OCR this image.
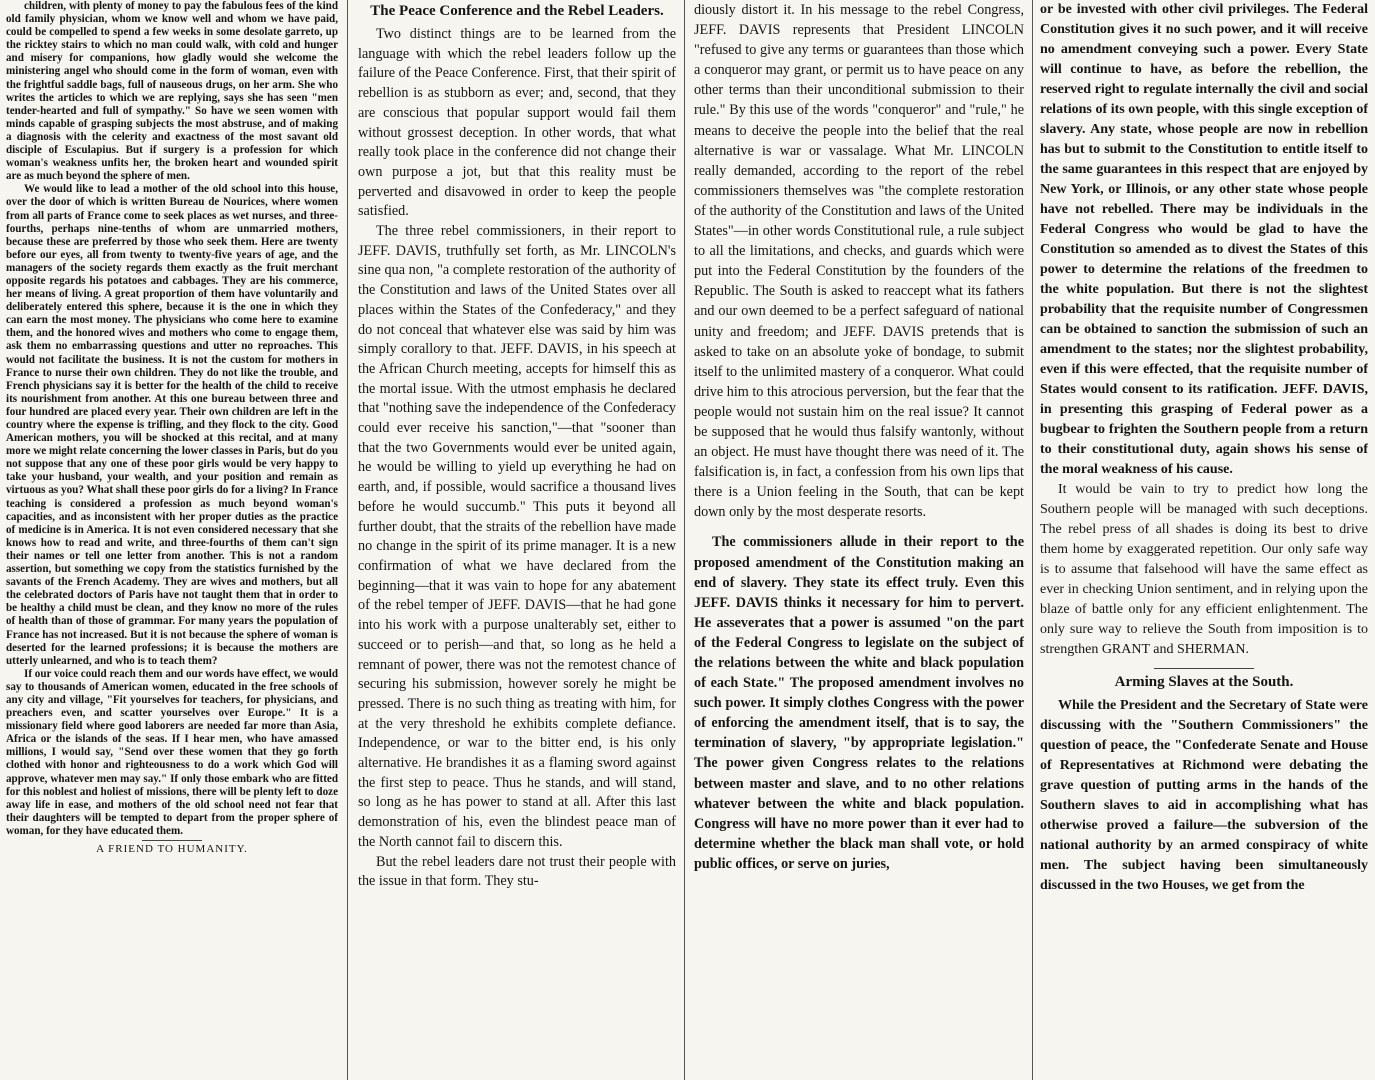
children, with plenty of money to pay the fabulous fees of the kind old family physician, whom we know well and whom we have paid, could be compelled to spend a few weeks in some desolate garreto, up the ricktey stairs to which no man could walk, with cold and hunger and misery for companions, how gladly would she welcome the ministering angel who should come in the form of woman, even with the frightful saddle bags, full of nauseous drugs, on her arm. She who writes the articles to which we are replying, says she has seen "men tender-hearted and full of sympathy." So have we seen women with minds capable of grasping subjects the most abstruse, and of making a diagnosis with the celerity and exactness of the most savant old disciple of Esculapius. But if surgery is a profession for which woman's weakness unfits her, the broken heart and wounded spirit are as much beyond the sphere of men.

We would like to lead a mother of the old school into this house, over the door of which is written Bureau de Nourices, where women from all parts of France come to seek places as wet nurses, and three-fourths, perhaps nine-tenths of whom are unmarried mothers, because these are preferred by those who seek them. Here are twenty before our eyes, all from twenty to twenty-five years of age, and the managers of the society regards them exactly as the fruit merchant opposite regards his potatoes and cabbages. They are his commerce, her means of living. A great proportion of them have voluntarily and deliberately entered this sphere, because it is the one in which they can earn the most money. The physicians who come here to examine them, and the honored wives and mothers who come to engage them, ask them no embarrassing questions and utter no reproaches. This would not facilitate the business. It is not the custom for mothers in France to nurse their own children. They do not like the trouble, and French physicians say it is better for the health of the child to receive its nourishment from another. At this one bureau between three and four hundred are placed every year. Their own children are left in the country where the expense is trifling, and they flock to the city. Good American mothers, you will be shocked at this recital, and at many more we might relate concerning the lower classes in Paris, but do you not suppose that any one of these poor girls would be very happy to take your husband, your wealth, and your position and remain as virtuous as you? What shall these poor girls do for a living? In France teaching is considered a profession as much beyond woman's capacities, and as inconsistent with her proper duties as the practice of medicine is in America. It is not even considered necessary that she knows how to read and write, and three-fourths of them can't sign their names or tell one letter from another. This is not a random assertion, but something we copy from the statistics furnished by the savants of the French Academy. They are wives and mothers, but all the celebrated doctors of Paris have not taught them that in order to be healthy a child must be clean, and they know no more of the rules of health than of those of grammar. For many years the population of France has not increased. But it is not because the sphere of woman is deserted for the learned professions; it is because the mothers are utterly unlearned, and who is to teach them?

If our voice could reach them and our words have effect, we would say to thousands of American women, educated in the free schools of any city and village, "Fit yourselves for teachers, for physicians, and preachers even, and scatter yourselves over Europe." It is a missionary field where good laborers are needed far more than Asia, Africa or the islands of the seas. If I hear men, who have amassed millions, I would say, "Send over these women that they go forth clothed with honor and righteousness to do a work which God will approve, whatever men may say." If only those embark who are fitted for this noblest and holiest of missions, there will be plenty left to doze away life in ease, and mothers of the old school need not fear that their daughters will be tempted to depart from the proper sphere of woman, for they have educated them.

A FRIEND TO HUMANITY.

The Peace Conference and the Rebel Leaders.

Two distinct things are to be learned from the language with which the rebel leaders follow up the failure of the Peace Conference. First, that their spirit of rebellion is as stubborn as ever; and, second, that they are conscious that popular support would fail them without grossest deception. In other words, that what really took place in the conference did not change their own purpose a jot, but that this reality must be perverted and disavowed in order to keep the people satisfied.

The three rebel commissioners, in their report to JEFF. DAVIS, truthfully set forth, as Mr. LINCOLN's sine qua non, "a complete restoration of the authority of the Constitution and laws of the United States over all places within the States of the Confederacy," and they do not conceal that whatever else was said by him was simply corallory to that. JEFF. DAVIS, in his speech at the African Church meeting, accepts for himself this as the mortal issue. With the utmost emphasis he declared that "nothing save the independence of the Confederacy could ever receive his sanction,"—that "sooner than that the two Governments would ever be united again, he would be willing to yield up everything he had on earth, and, if possible, would sacrifice a thousand lives before he would succumb." This puts it beyond all further doubt, that the straits of the rebellion have made no change in the spirit of its prime manager. It is a new confirmation of what we have declared from the beginning—that it was vain to hope for any abatement of the rebel temper of JEFF. DAVIS—that he had gone into his work with a purpose unalterably set, either to succeed or to perish—and that, so long as he held a remnant of power, there was not the remotest chance of securing his submission, however sorely he might be pressed. There is no such thing as treating with him, for at the very threshold he exhibits complete defiance. Independence, or war to the bitter end, is his only alternative. He brandishes it as a flaming sword against the first step to peace. Thus he stands, and will stand, so long as he has power to stand at all. After this last demonstration of his, even the blindest peace man of the North cannot fail to discern this.

But the rebel leaders dare not trust their people with the issue in that form. They stu-

diously distort it. In his message to the rebel Congress, JEFF. DAVIS represents that President LINCOLN "refused to give any terms or guarantees than those which a conqueror may grant, or permit us to have peace on any other terms than their unconditional submission to their rule." By this use of the words "conqueror" and "rule," he means to deceive the people into the belief that the real alternative is war or vassalage. What Mr. LINCOLN really demanded, according to the report of the rebel commissioners themselves was "the complete restoration of the authority of the Constitution and laws of the United States"—in other words Constitutional rule, a rule subject to all the limitations, and checks, and guards which were put into the Federal Constitution by the founders of the Republic. The South is asked to reaccept what its fathers and our own deemed to be a perfect safeguard of national unity and freedom; and JEFF. DAVIS pretends that is asked to take on an absolute yoke of bondage, to submit itself to the unlimited mastery of a conqueror. What could drive him to this atrocious perversion, but the fear that the people would not sustain him on the real issue? It cannot be supposed that he would thus falsify wantonly, without an object. He must have thought there was need of it. The falsification is, in fact, a confession from his own lips that there is a Union feeling in the South, that can be kept down only by the most desperate resorts.

The commissioners allude in their report to the proposed amendment of the Constitution making an end of slavery. They state its effect truly. Even this JEFF. DAVIS thinks it necessary for him to pervert. He asseverates that a power is assumed "on the part of the Federal Congress to legislate on the subject of the relations between the white and black population of each State." The proposed amendment involves no such power. It simply clothes Congress with the power of enforcing the amendment itself, that is to say, the termination of slavery, "by appropriate legislation." The power given Congress relates to the relations between master and slave, and to no other relations whatever between the white and black population. Congress will have no more power than it ever had to determine whether the black man shall vote, or hold public offices, or serve on juries,

or be invested with other civil privileges. The Federal Constitution gives it no such power, and it will receive no amendment conveying such a power. Every State will continue to have, as before the rebellion, the reserved right to regulate internally the civil and social relations of its own people, with this single exception of slavery. Any state, whose people are now in rebellion has but to submit to the Constitution to entitle itself to the same guarantees in this respect that are enjoyed by New York, or Illinois, or any other state whose people have not rebelled. There may be individuals in the Federal Congress who would be glad to have the Constitution so amended as to divest the States of this power to determine the relations of the freedmen to the white population. But there is not the slightest probability that the requisite number of Congressmen can be obtained to sanction the submission of such an amendment to the states; nor the slightest probability, even if this were effected, that the requisite number of States would consent to its ratification. JEFF. DAVIS, in presenting this grasping of Federal power as a bugbear to frighten the Southern people from a return to their constitutional duty, again shows his sense of the moral weakness of his cause.

It would be vain to try to predict how long the Southern people will be managed with such deceptions. The rebel press of all shades is doing its best to drive them home by exaggerated repetition. Our only safe way is to assume that falsehood will have the same effect as ever in checking Union sentiment, and in relying upon the blaze of battle only for any efficient enlightenment. The only sure way to relieve the South from imposition is to strengthen GRANT and SHERMAN.

Arming Slaves at the South.

While the President and the Secretary of State were discussing with the "Southern Commissioners" the question of peace, the "Confederate Senate and House of Representatives at Richmond were debating the grave question of putting arms in the hands of the Southern slaves to aid in accomplishing what has otherwise proved a failure—the subversion of the national authority by an armed conspiracy of white men. The subject having been simultaneously discussed in the two Houses, we get from the
